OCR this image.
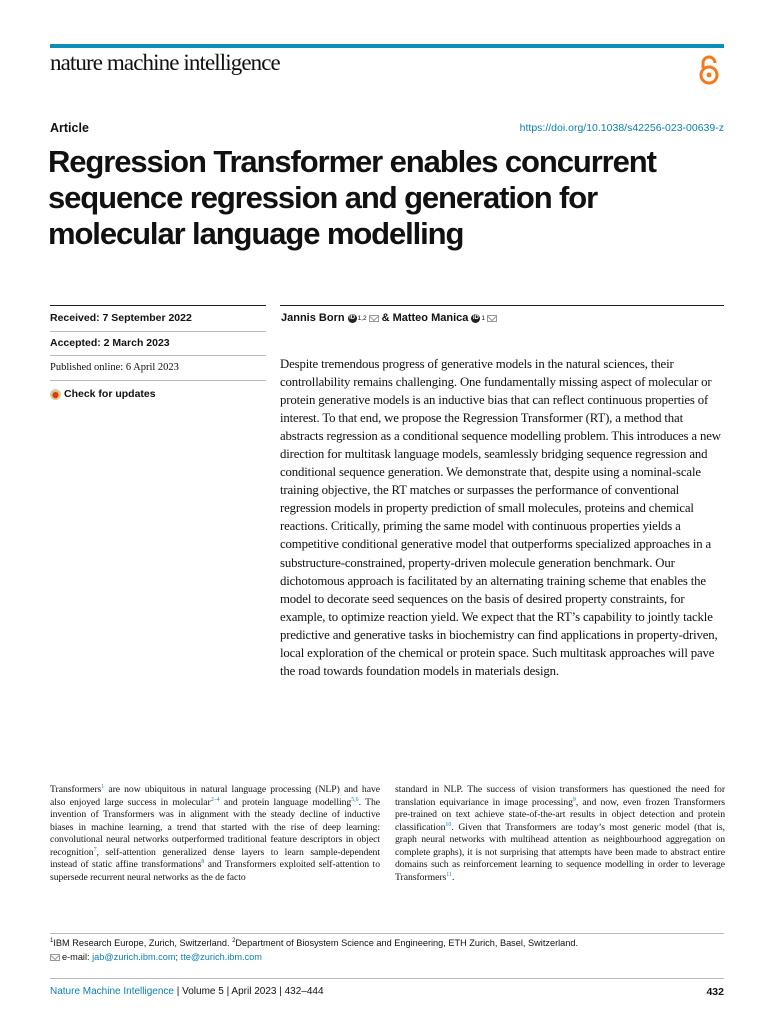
nature machine intelligence
Article	https://doi.org/10.1038/s42256-023-00639-z
Regression Transformer enables concurrent sequence regression and generation for molecular language modelling
Received: 7 September 2022
Accepted: 2 March 2023
Published online: 6 April 2023
Check for updates
Jannis Born iD 1,2 & Matteo Manica iD 1

Despite tremendous progress of generative models in the natural sciences, their controllability remains challenging. One fundamentally missing aspect of molecular or protein generative models is an inductive bias that can reflect continuous properties of interest. To that end, we propose the Regression Transformer (RT), a method that abstracts regression as a conditional sequence modelling problem. This introduces a new direction for multitask language models, seamlessly bridging sequence regression and conditional sequence generation. We demonstrate that, despite using a nominal-scale training objective, the RT matches or surpasses the performance of conventional regression models in property prediction of small molecules, proteins and chemical reactions. Critically, priming the same model with continuous properties yields a competitive conditional generative model that outperforms specialized approaches in a substructure-constrained, property-driven molecule generation benchmark. Our dichotomous approach is facilitated by an alternating training scheme that enables the model to decorate seed sequences on the basis of desired property constraints, for example, to optimize reaction yield. We expect that the RT’s capability to jointly tackle predictive and generative tasks in biochemistry can find applications in property-driven, local exploration of the chemical or protein space. Such multitask approaches will pave the road towards foundation models in materials design.

Transformers$^1$ are now ubiquitous in natural language processing (NLP) and have also enjoyed large success in molecular$^{2-4}$ and protein language modelling$^{5,6}$. The invention of Transformers was in alignment with the steady decline of inductive biases in machine learning, a trend that started with the rise of deep learning: convolutional neural networks outperformed traditional feature descriptors in object recognition$^7$, self-attention generalized dense layers to learn sample-dependent instead of static affine transformations$^8$ and Transformers exploited self-attention to supersede recurrent neural networks as the de facto

standard in NLP. The success of vision transformers has questioned the need for translation equivariance in image processing$^9$, and now, even frozen Transformers pre-trained on text achieve state-of-the-art results in object detection and protein classification$^{10}$. Given that Transformers are today’s most generic model (that is, graph neural networks with multihead attention as neighbourhood aggregation on complete graphs), it is not surprising that attempts have been made to abstract entire domains such as reinforcement learning to sequence modelling in order to leverage Transformers$^{11}$.

$^1$IBM Research Europe, Zurich, Switzerland. $^2$Department of Biosystem Science and Engineering, ETH Zurich, Basel, Switzerland.
e-mail:
jab@zurich.ibm.com ;
tte@zurich.ibm.com
Nature Machine Intelligence | Volume 5 | April 2023 | 432–444	432
